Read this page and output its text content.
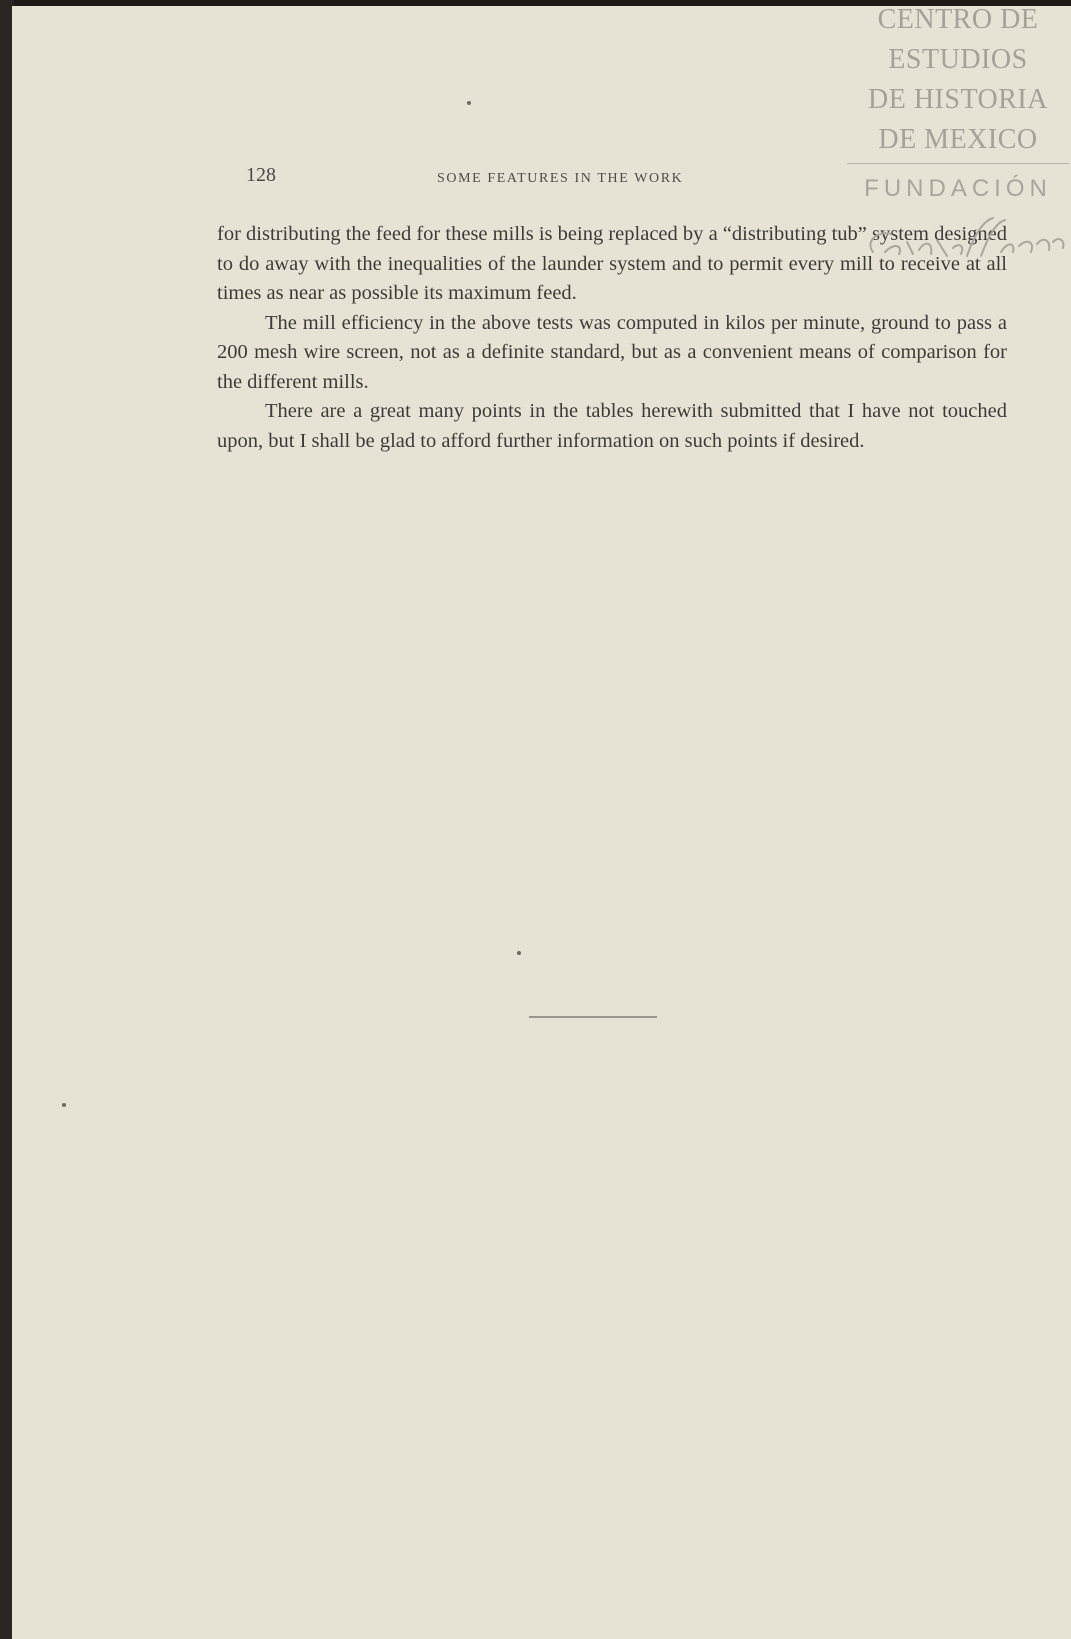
128	SOME FEATURES IN THE WORK

for distributing the feed for these mills is being replaced by a “distributing tub” system designed to do away with the inequalities of the launder system and to permit every mill to receive at all times as near as possible its maximum feed.

The mill efficiency in the above tests was computed in kilos per minute, ground to pass a 200 mesh wire screen, not as a definite standard, but as a convenient means of comparison for the different mills.

There are a great many points in the tables herewith submitted that I have not touched upon, but I shall be glad to afford further information on such points if desired.

CENTRO DE
ESTUDIOS
DE HISTORIA
DE MEXICO
FUNDACIÓN
